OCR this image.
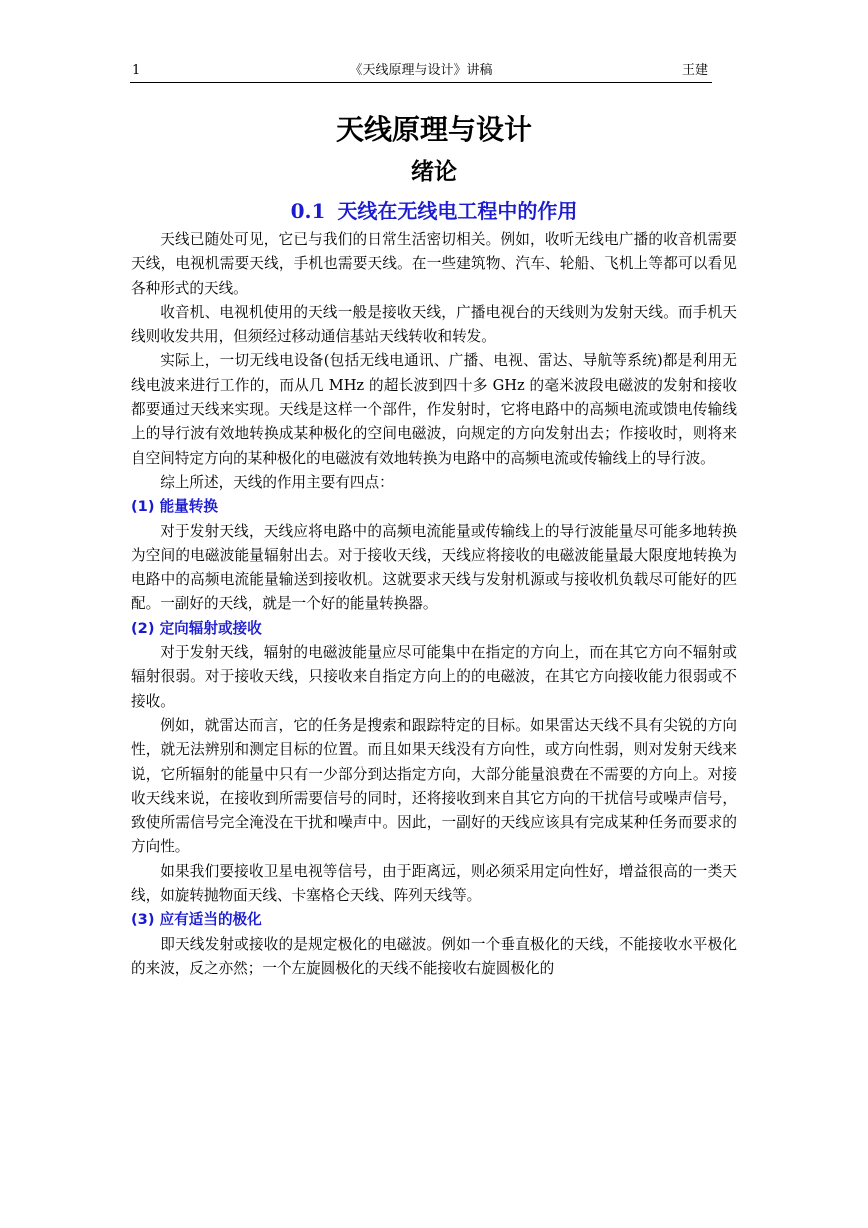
1	《天线原理与设计》讲稿	王建
天线原理与设计
绪论
0.1 天线在无线电工程中的作用

天线已随处可见，它已与我们的日常生活密切相关。例如，收听无线电广播的收音机需要天线，电视机需要天线，手机也需要天线。在一些建筑物、汽车、轮船、飞机上等都可以看见各种形式的天线。

收音机、电视机使用的天线一般是接收天线，广播电视台的天线则为发射天线。而手机天线则收发共用，但须经过移动通信基站天线转收和转发。

实际上，一切无线电设备(包括无线电通讯、广播、电视、雷达、导航等系统)都是利用无线电波来进行工作的，而从几 MHz 的超长波到四十多 GHz 的毫米波段电磁波的发射和接收都要通过天线来实现。天线是这样一个部件，作发射时，它将电路中的高频电流或馈电传输线上的导行波有效地转换成某种极化的空间电磁波，向规定的方向发射出去；作接收时，则将来自空间特定方向的某种极化的电磁波有效地转换为电路中的高频电流或传输线上的导行波。

综上所述，天线的作用主要有四点：

(1) 能量转换

对于发射天线，天线应将电路中的高频电流能量或传输线上的导行波能量尽可能多地转换为空间的电磁波能量辐射出去。对于接收天线，天线应将接收的电磁波能量最大限度地转换为电路中的高频电流能量输送到接收机。这就要求天线与发射机源或与接收机负载尽可能好的匹配。一副好的天线，就是一个好的能量转换器。

(2) 定向辐射或接收

对于发射天线，辐射的电磁波能量应尽可能集中在指定的方向上，而在其它方向不辐射或辐射很弱。对于接收天线，只接收来自指定方向上的的电磁波，在其它方向接收能力很弱或不接收。

例如，就雷达而言，它的任务是搜索和跟踪特定的目标。如果雷达天线不具有尖锐的方向性，就无法辨别和测定目标的位置。而且如果天线没有方向性，或方向性弱，则对发射天线来说，它所辐射的能量中只有一少部分到达指定方向，大部分能量浪费在不需要的方向上。对接收天线来说，在接收到所需要信号的同时，还将接收到来自其它方向的干扰信号或噪声信号，致使所需信号完全淹没在干扰和噪声中。因此，一副好的天线应该具有完成某种任务而要求的方向性。

如果我们要接收卫星电视等信号，由于距离远，则必须采用定向性好，增益很高的一类天线，如旋转抛物面天线、卡塞格仑天线、阵列天线等。

(3) 应有适当的极化

即天线发射或接收的是规定极化的电磁波。例如一个垂直极化的天线，不能接收水平极化的来波，反之亦然；一个左旋圆极化的天线不能接收右旋圆极化的
